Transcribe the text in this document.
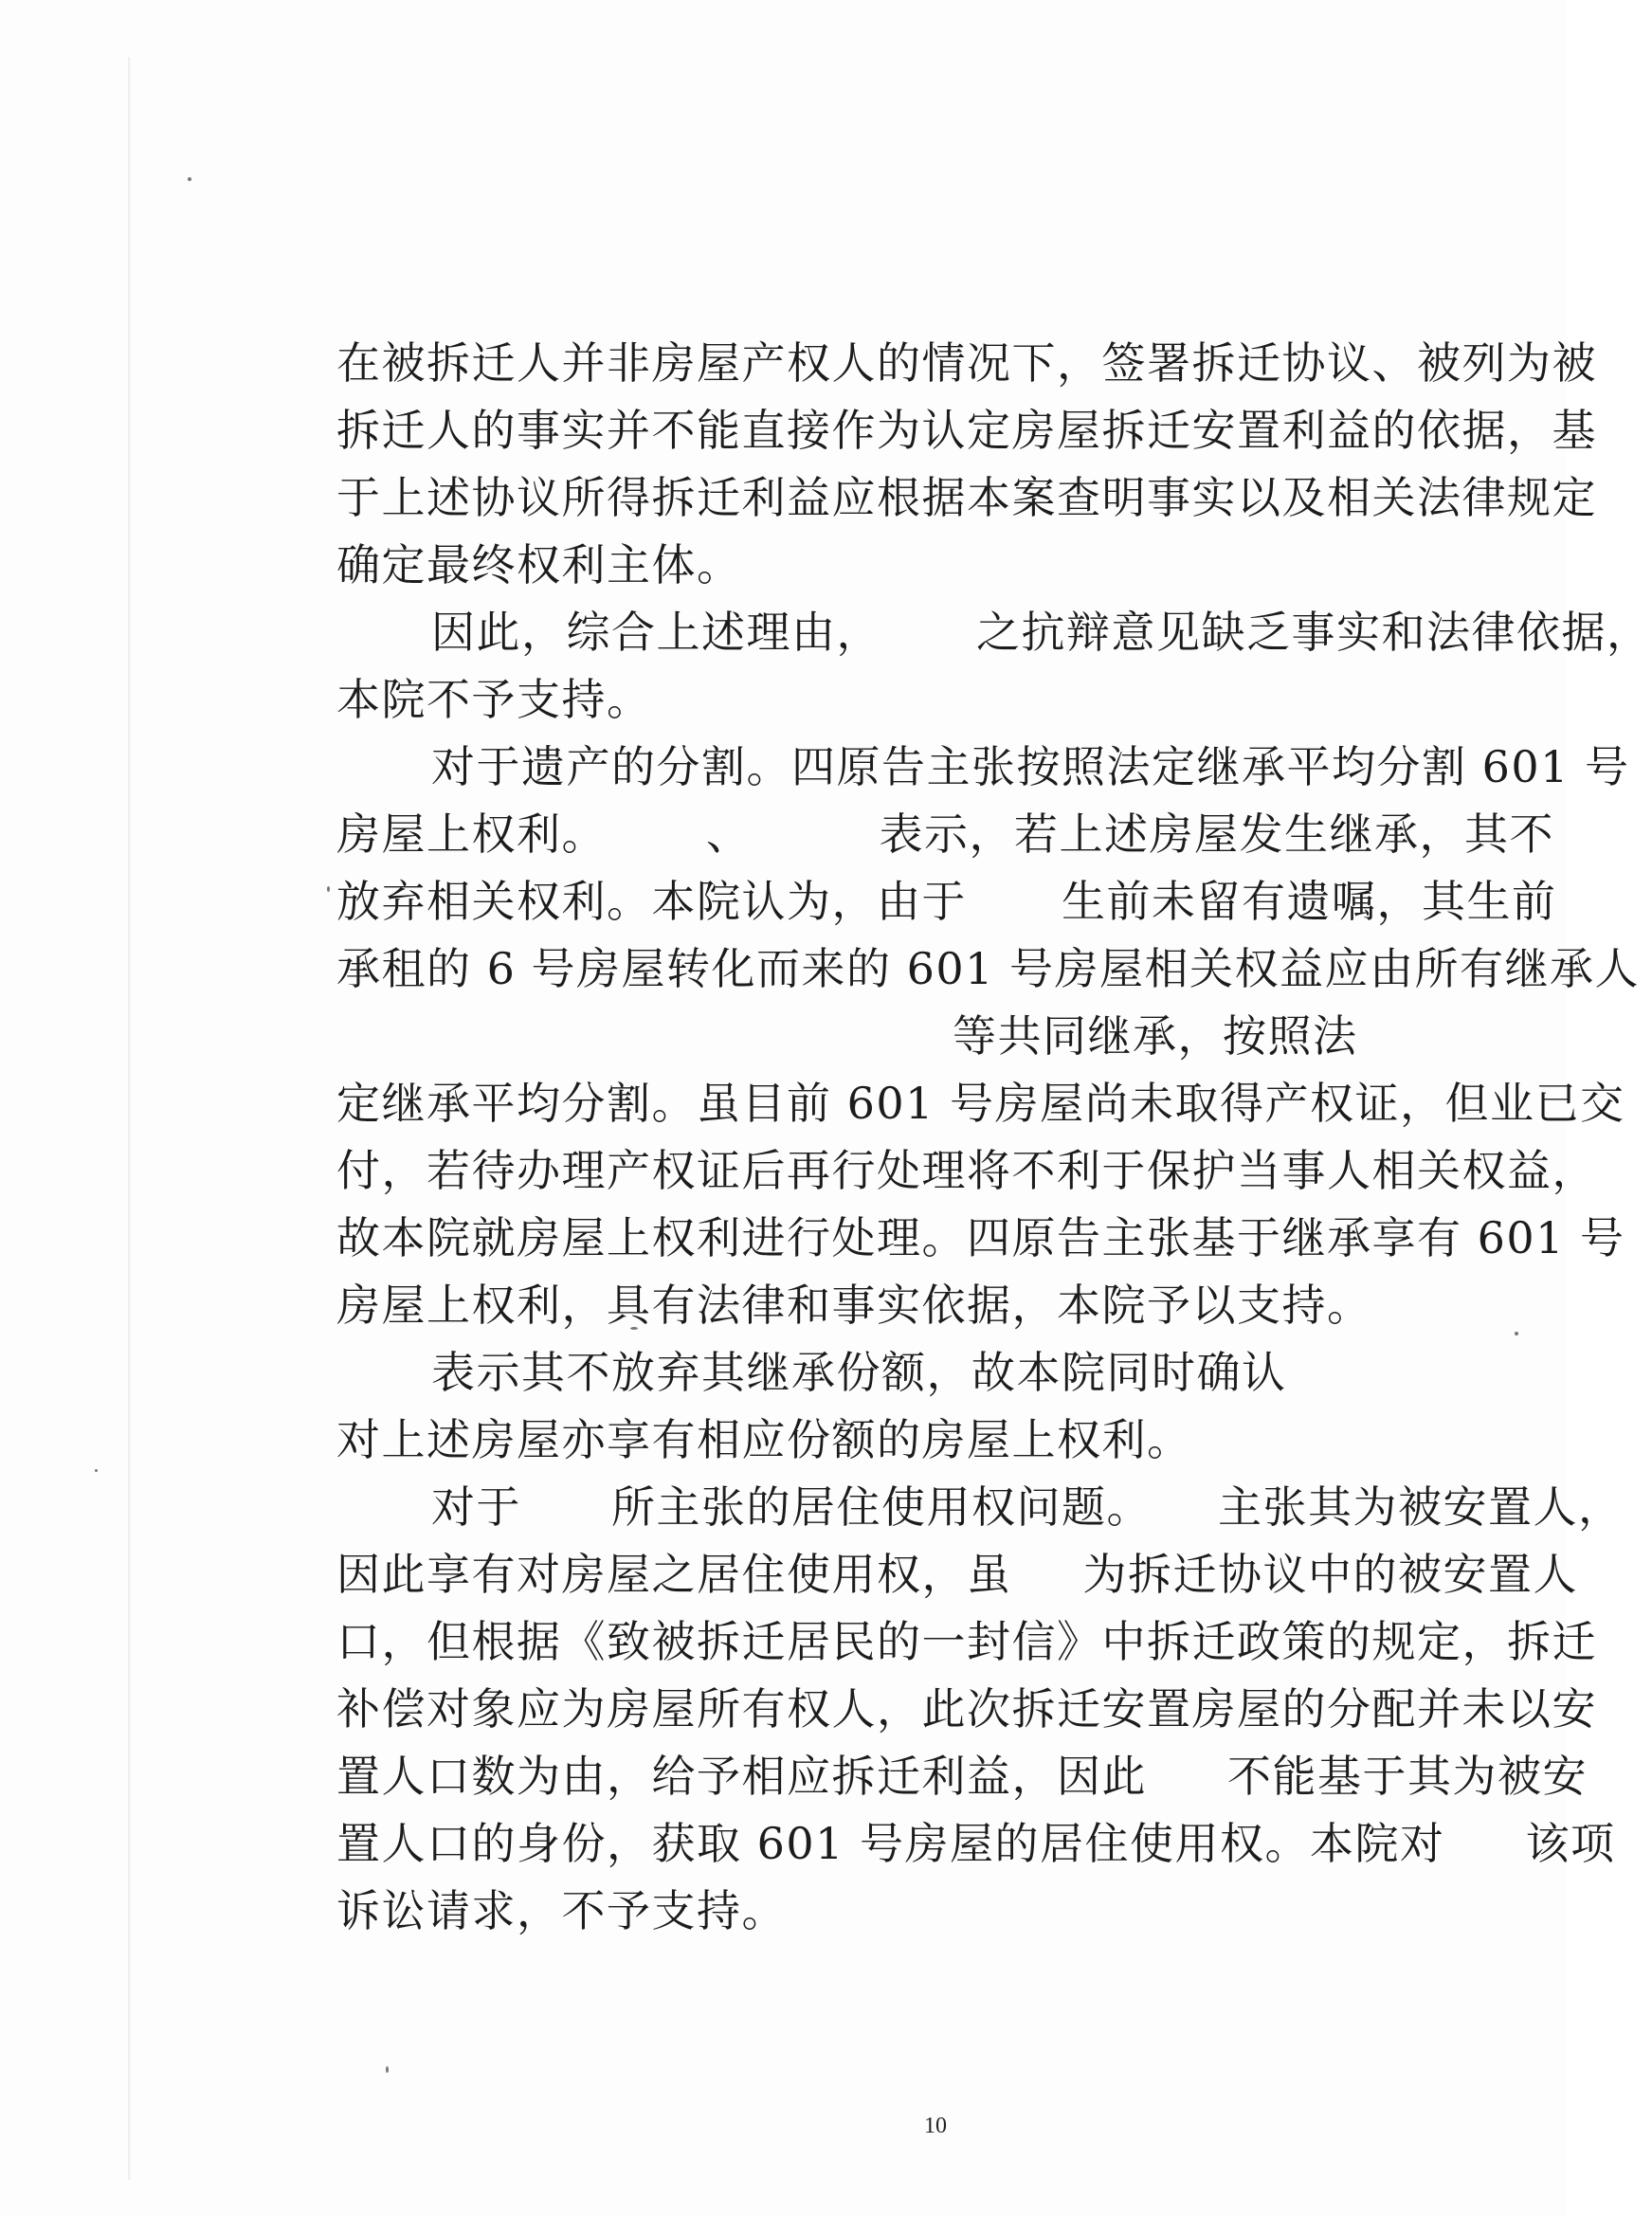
在被拆迁人并非房屋产权人的情况下，签署拆迁协议、被列为被
拆迁人的事实并不能直接作为认定房屋拆迁安置利益的依据，基
于上述协议所得拆迁利益应根据本案查明事实以及相关法律规定
确定最终权利主体。
因此，综合上述理由， 之抗辩意见缺乏事实和法律依据，
本院不予支持。
对于遗产的分割。四原告主张按照法定继承平均分割 601 号
房屋上权利。 、	表示，若上述房屋发生继承，其不
放弃相关权利。本院认为，由于 生前未留有遗嘱，其生前
承租的 6 号房屋转化而来的 601 号房屋相关权益应由所有继承人
等共同继承，按照法
定继承平均分割。虽目前 601 号房屋尚未取得产权证，但业已交
付，若待办理产权证后再行处理将不利于保护当事人相关权益，
故本院就房屋上权利进行处理。四原告主张基于继承享有 601 号
房屋上权利，具有法律和事实依据，本院予以支持。
表示其不放弃其继承份额，故本院同时确认
对上述房屋亦享有相应份额的房屋上权利。
对于 所主张的居住使用权问题。 主张其为被安置人，
因此享有对房屋之居住使用权，虽 为拆迁协议中的被安置人
口，但根据《致被拆迁居民的一封信》中拆迁政策的规定，拆迁
补偿对象应为房屋所有权人，此次拆迁安置房屋的分配并未以安
置人口数为由，给予相应拆迁利益，因此 不能基于其为被安
置人口的身份，获取 601 号房屋的居住使用权。本院对 该项
诉讼请求，不予支持。
10
